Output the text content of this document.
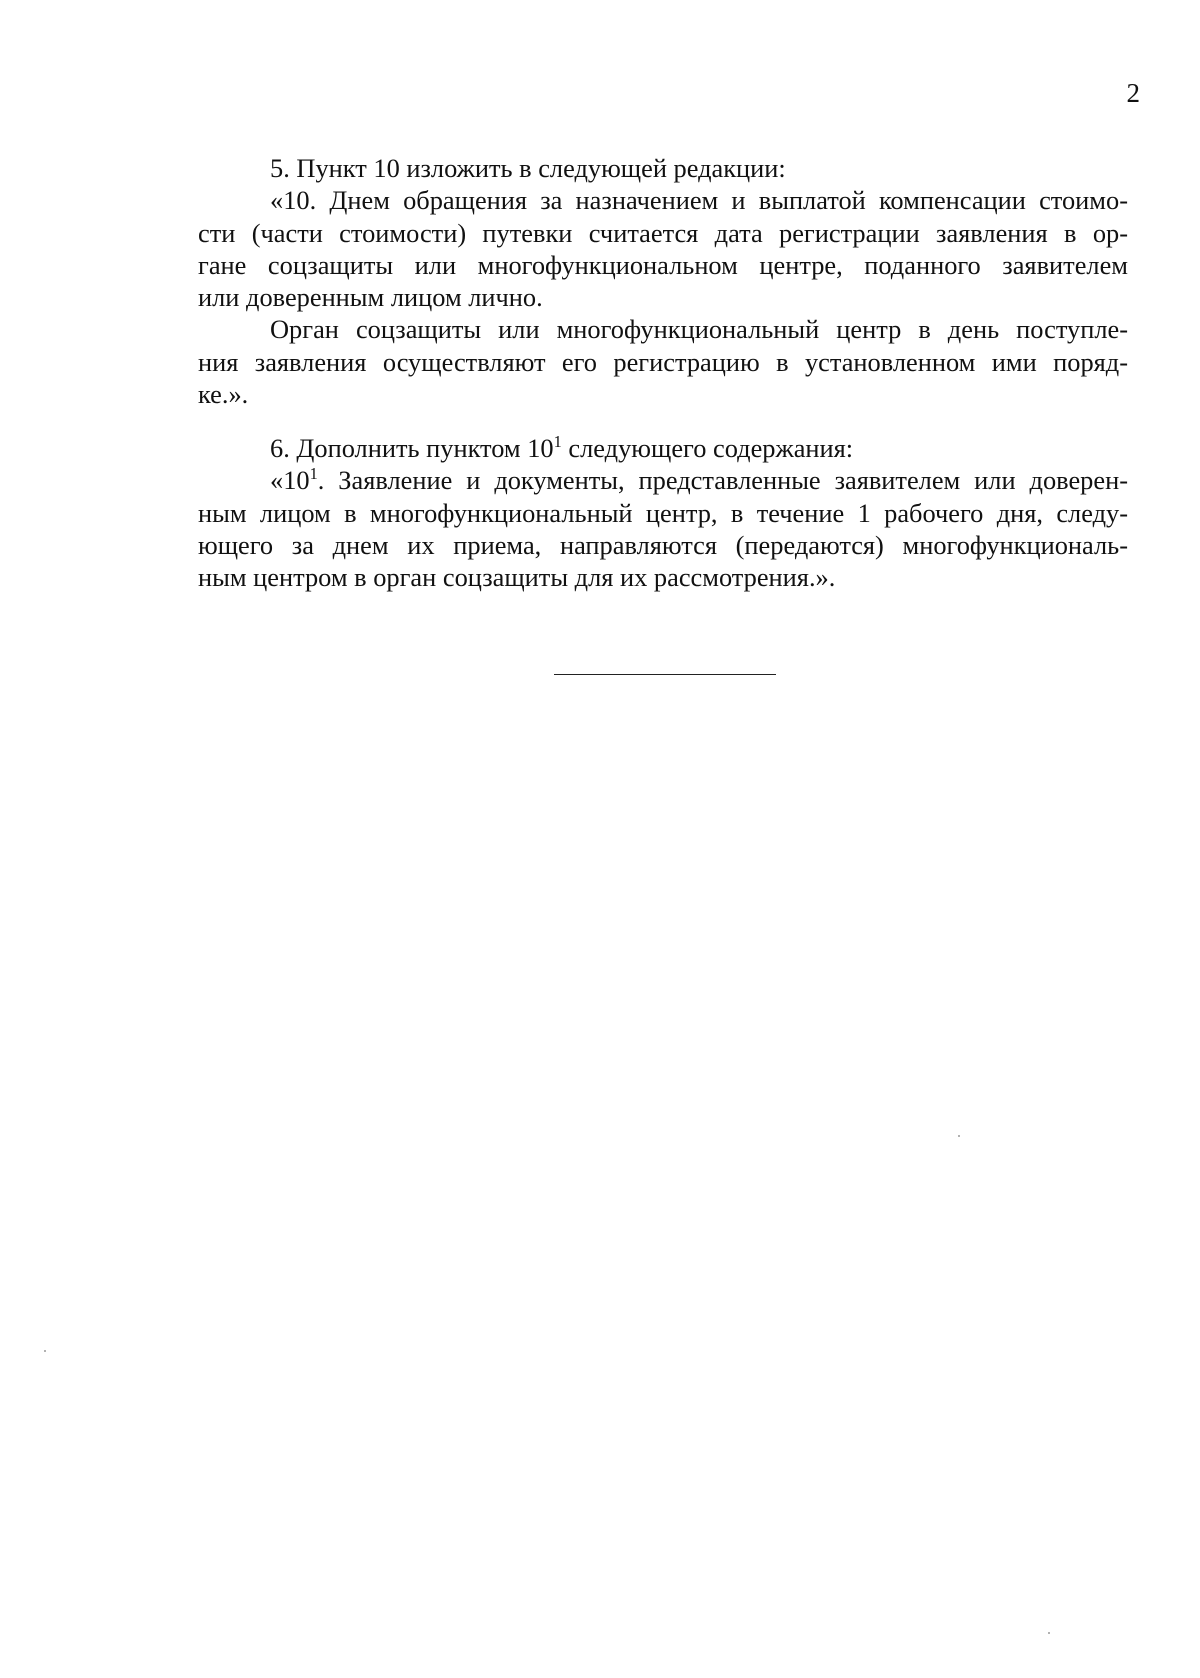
2
5. Пункт 10 изложить в следующей редакции:
«10. Днем обращения за назначением и выплатой компенсации стоимо-
сти (части стоимости) путевки считается дата регистрации заявления в ор-
гане соцзащиты или многофункциональном центре, поданного заявителем
или доверенным лицом лично.
Орган соцзащиты или многофункциональный центр в день поступле-
ния заявления осуществляют его регистрацию в установленном ими поряд-
ке.».
6. Дополнить пунктом $10^1$ следующего содержания:
«$10^1$. Заявление и документы, представленные заявителем или доверен-
ным лицом в многофункциональный центр, в течение 1 рабочего дня, следу-
ющего за днем их приема, направляются (передаются) многофункциональ-
ным центром в орган соцзащиты для их рассмотрения.».
